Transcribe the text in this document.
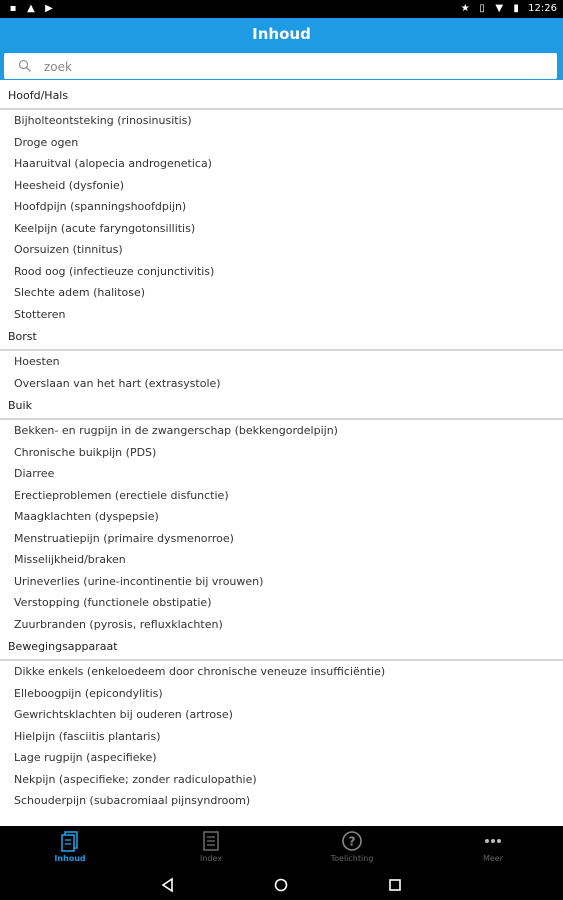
▪ ▲ ▶	★ ▯ ▼ ▮ 12:26
Inhoud
zoek
Hoofd/Hals
Bijholteontsteking (rinosinusitis)
Droge ogen
Haaruitval (alopecia androgenetica)
Heesheid (dysfonie)
Hoofdpijn (spanningshoofdpijn)
Keelpijn (acute faryngotonsillitis)
Oorsuizen (tinnitus)
Rood oog (infectieuze conjunctivitis)
Slechte adem (halitose)
Stotteren
Borst
Hoesten
Overslaan van het hart (extrasystole)
Buik
Bekken- en rugpijn in de zwangerschap (bekkengordelpijn)
Chronische buikpijn (PDS)
Diarree
Erectieproblemen (erectiele disfunctie)
Maagklachten (dyspepsie)
Menstruatiepijn (primaire dysmenorroe)
Misselijkheid/braken
Urineverlies (urine-incontinentie bij vrouwen)
Verstopping (functionele obstipatie)
Zuurbranden (pyrosis, refluxklachten)
Bewegingsapparaat
Dikke enkels (enkeloedeem door chronische veneuze insufficiëntie)
Elleboogpijn (epicondylitis)
Gewrichtsklachten bij ouderen (artrose)
Hielpijn (fasciitis plantaris)
Lage rugpijn (aspecifieke)
Nekpijn (aspecifieke; zonder radiculopathie)
Schouderpijn (subacromiaal pijnsyndroom)
Inhoud	Index
?
Toelichting	Meer
